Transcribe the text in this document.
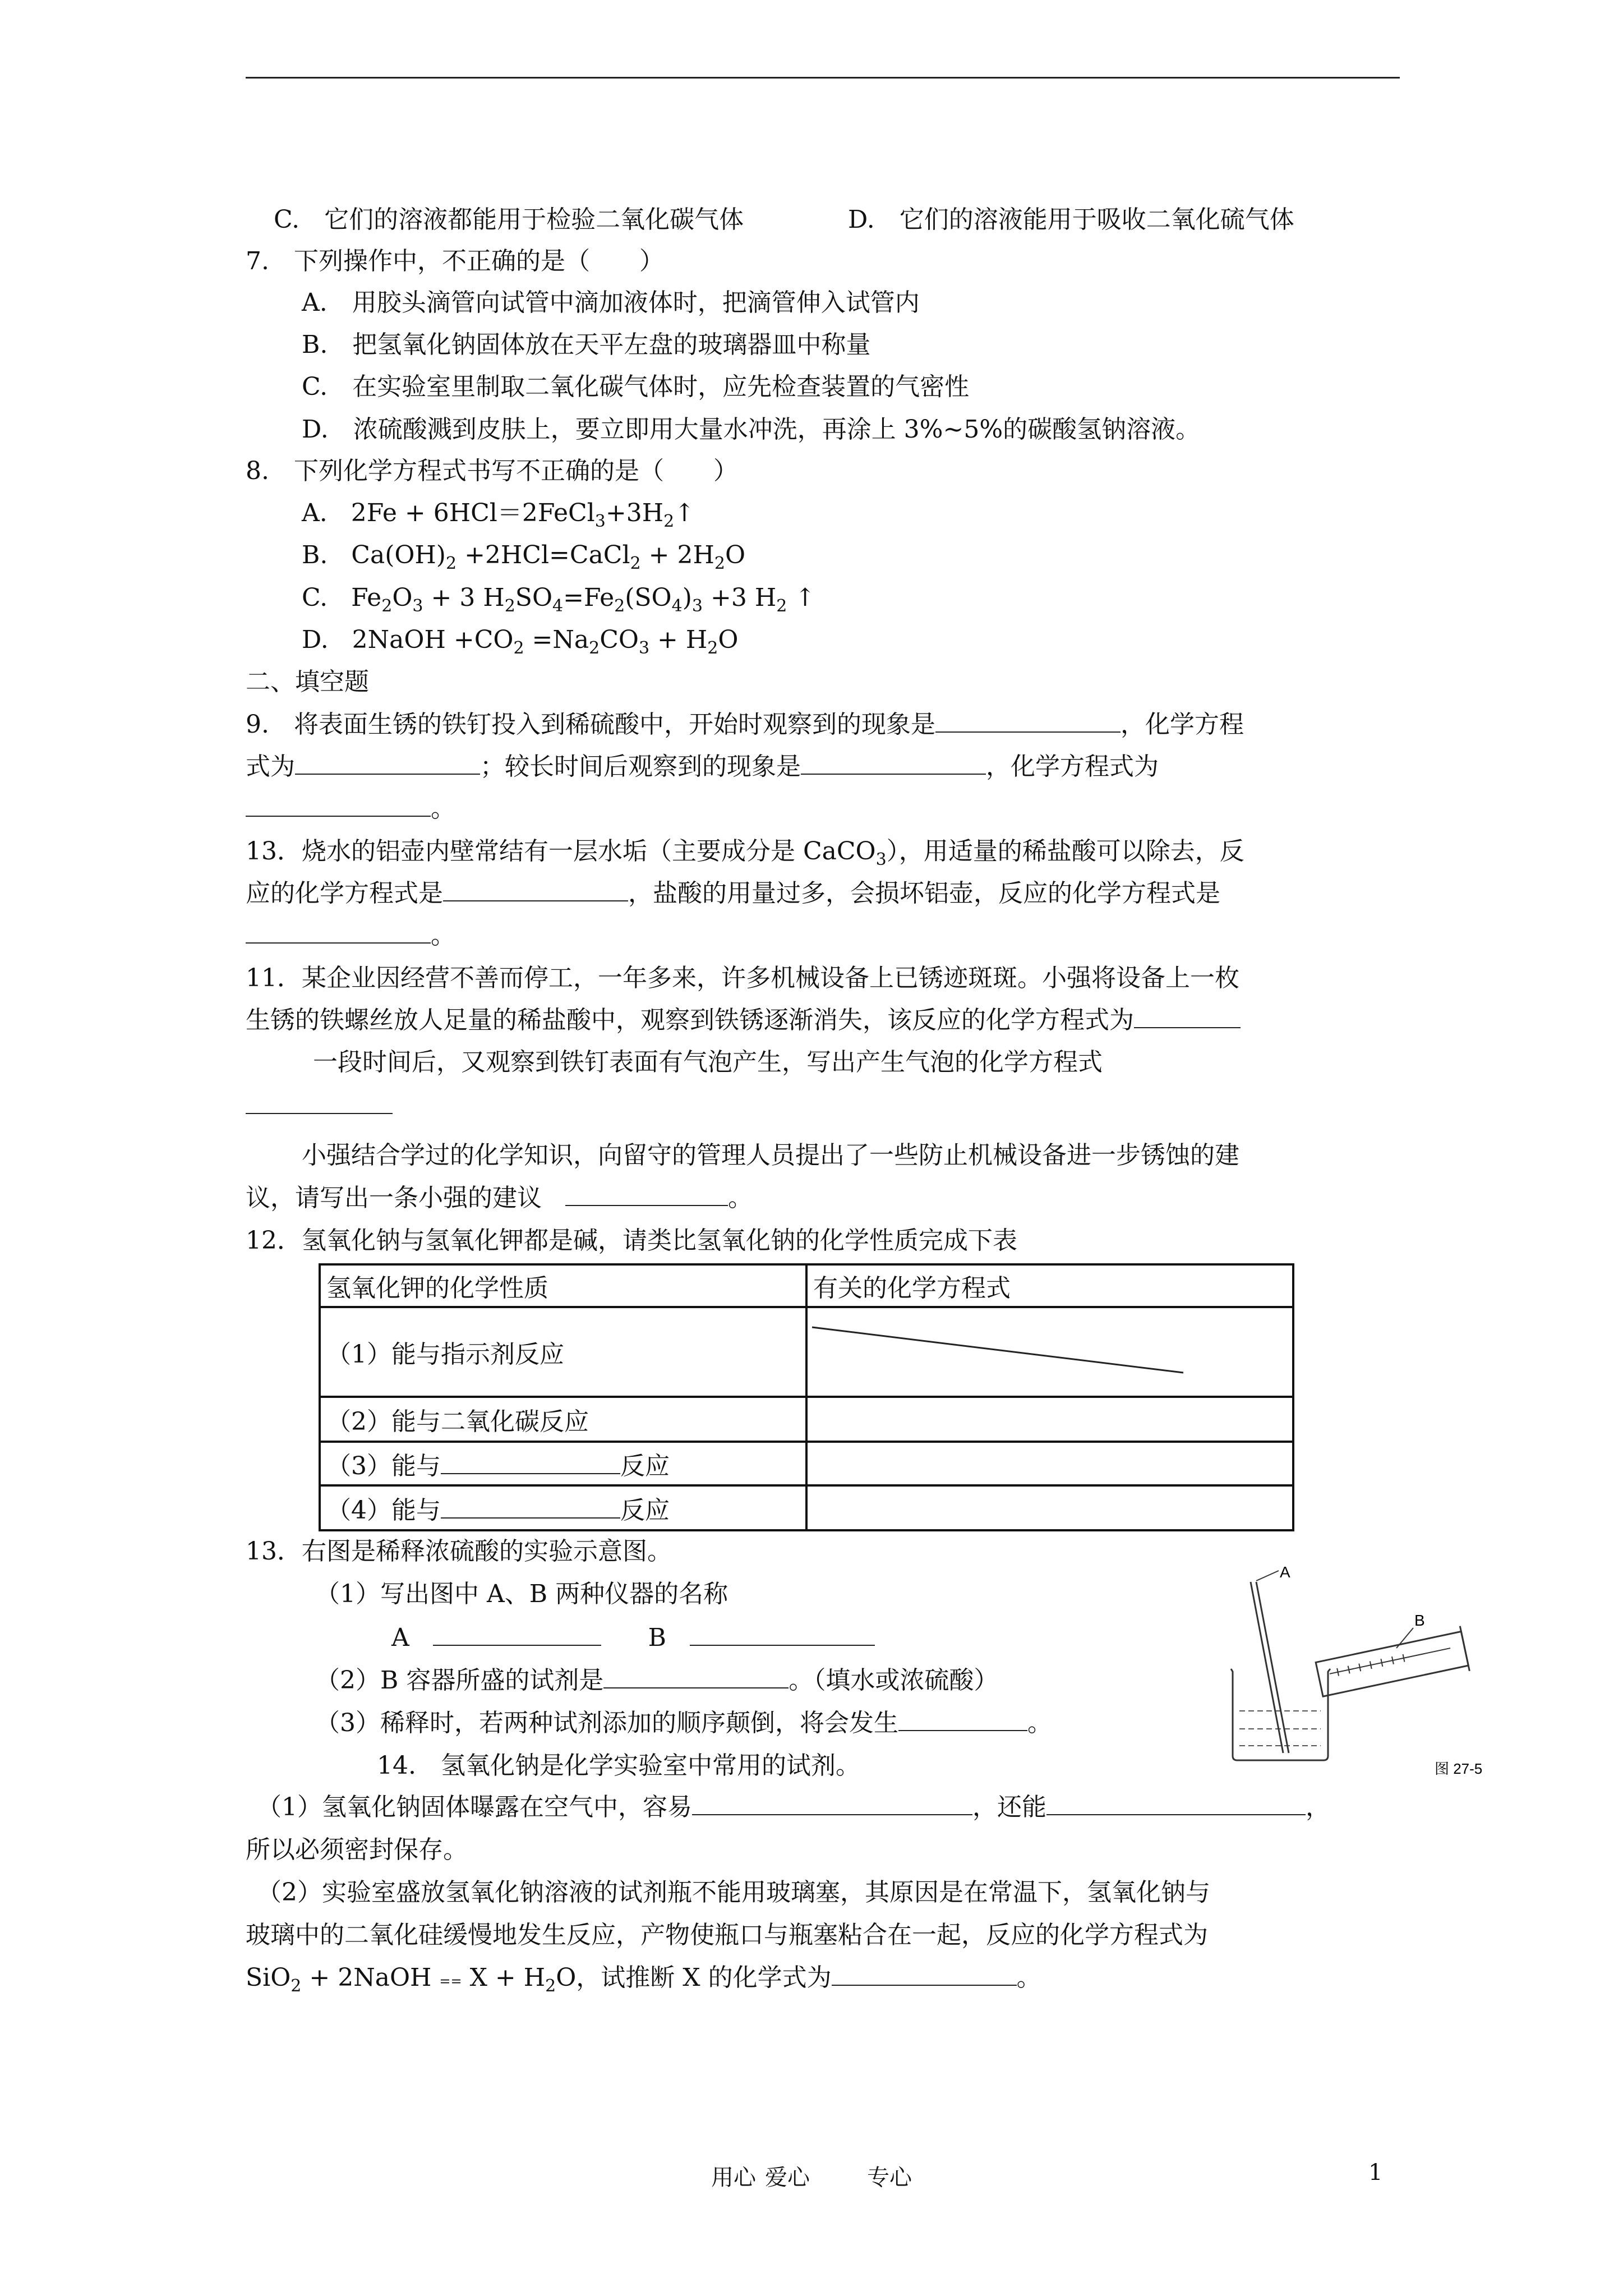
C.　它们的溶液都能用于检验二氧化碳气体	D.　它们的溶液能用于吸收二氧化硫气体
7.　下列操作中，不正确的是（　　）
A.　用胶头滴管向试管中滴加液体时，把滴管伸入试管内
B.　把氢氧化钠固体放在天平左盘的玻璃器皿中称量
C.　在实验室里制取二氧化碳气体时，应先检查装置的气密性
D.　浓硫酸溅到皮肤上，要立即用大量水冲洗，再涂上 3%~5%的碳酸氢钠溶液。
8.　下列化学方程式书写不正确的是（　　）
A. $2Fe + 6HCl=2FeCl_3+3H_2↑$
B. $Ca(OH)_2$ +2HCl=CaCl$_2$ + $2H_2O$
C. $Fe_2O_3 + 3$ $H_2SO_4=Fe_2(SO_4)_3 +3$ $H_2$ ↑
D. 2NaOH $+CO_2 =Na_2CO_3 + H_2O$
二、填空题
9.　将表面生锈的铁钉投入到稀硫酸中，开始时观察到的现象是	，化学方程
式为	；较长时间后观察到的现象是	，化学方程式为
。
13．烧水的铝壶内壁常结有一层水垢（主要成分是 CaCO$_3$），用适量的稀盐酸可以除去，反
应的化学方程式是	，盐酸的用量过多，会损坏铝壶，反应的化学方程式是
。
11．某企业因经营不善而停工，一年多来，许多机械设备上已锈迹斑斑。小强将设备上一枚
生锈的铁螺丝放人足量的稀盐酸中，观察到铁锈逐渐消失，该反应的化学方程式为
一段时间后，又观察到铁钉表面有气泡产生，写出产生气泡的化学方程式
小强结合学过的化学知识，向留守的管理人员提出了一些防止机械设备进一步锈蚀的建
议，请写出一条小强的建议	。
12．氢氧化钠与氢氧化钾都是碱，请类比氢氧化钠的化学性质完成下表
氢氧化钾的化学性质	有关的化学方程式
（1）能与指示剂反应	

（2）能与二氧化碳反应	
（3）能与 反应	
（4）能与 反应	
13．右图是稀释浓硫酸的实验示意图。
（1）写出图中 A、B 两种仪器的名称
A	B
（2）B 容器所盛的试剂是	。（填水或浓硫酸）
（3）稀释时，若两种试剂添加的顺序颠倒，将会发生	。
A
B
图 27-5
14.　氢氧化钠是化学实验室中常用的试剂。
（1）氢氧化钠固体曝露在空气中，容易	，还能	，
所以必须密封保存。
（2）实验室盛放氢氧化钠溶液的试剂瓶不能用玻璃塞，其原因是在常温下，氢氧化钠与
玻璃中的二氧化硅缓慢地发生反应，产物使瓶口与瓶塞粘合在一起，反应的化学方程式为
SiO$_2$ + 2NaOH == $X + H_2O$，试推断 X 的化学式为	。
用心 爱心	专心	1
